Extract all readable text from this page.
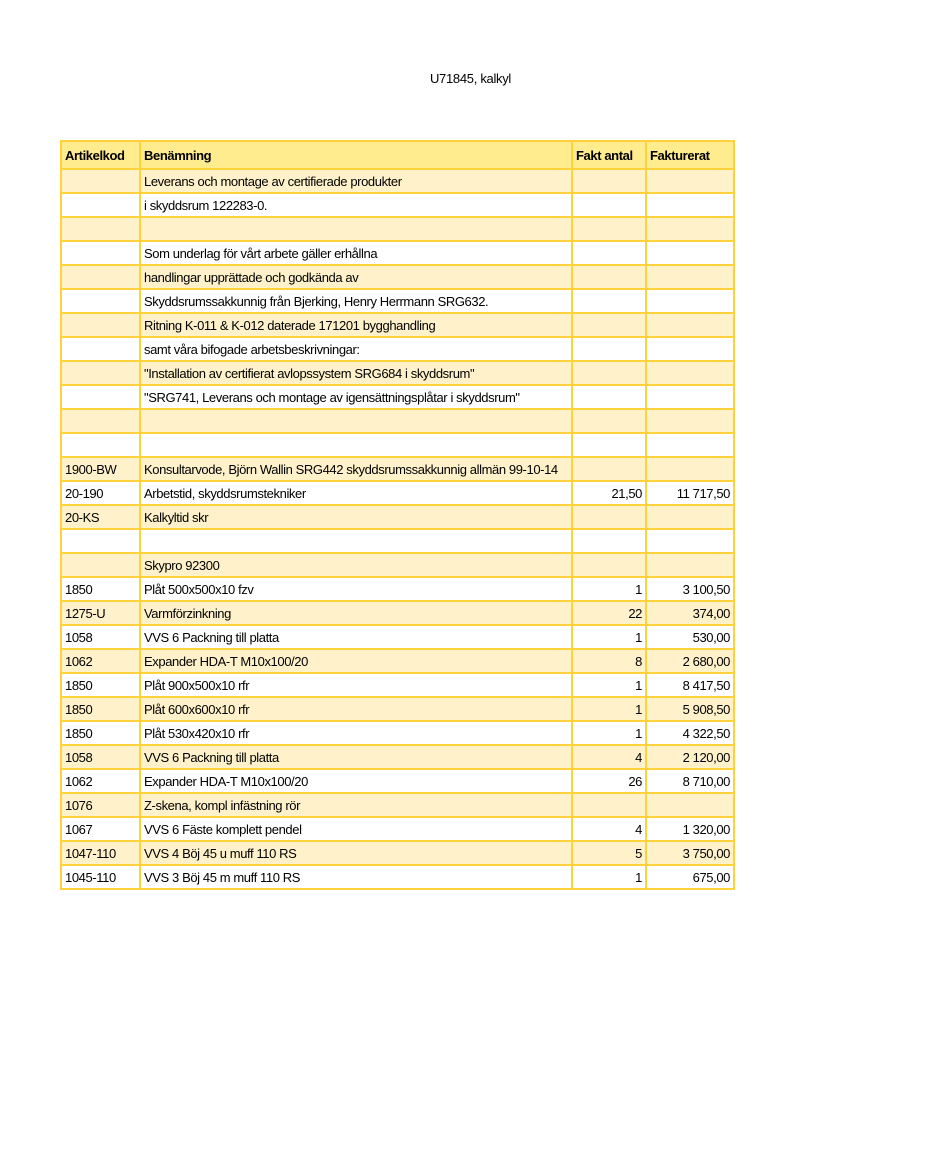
U71845, kalkyl
Artikelkod	Benämning	Fakt antal	Fakturerat
	Leverans och montage av certifierade produkter		
	i skyddsrum 122283-0.		

	Som underlag för vårt arbete gäller erhållna		
	handlingar upprättade och godkända av		
	Skyddsrumssakkunnig från Bjerking, Henry Herrmann SRG632.		
	Ritning K-011 & K-012 daterade 171201 bygghandling		
	samt våra bifogade arbetsbeskrivningar:		
	"Installation av certifierat avlopssystem SRG684 i skyddsrum"		
	"SRG741, Leverans och montage av igensättningsplåtar i skyddsrum"		

1900-BW	Konsultarvode, Björn Wallin SRG442 skyddsrumssakkunnig allmän 99-10-14		
20-190	Arbetstid, skyddsrumstekniker	21,50	11 717,50
20-KS	Kalkyltid skr		

	Skypro 92300		
1850	Plåt 500x500x10 fzv	1	3 100,50
1275-U	Varmförzinkning	22	374,00
1058	VVS 6 Packning till platta	1	530,00
1062	Expander HDA-T M10x100/20	8	2 680,00
1850	Plåt 900x500x10 rfr	1	8 417,50
1850	Plåt 600x600x10 rfr	1	5 908,50
1850	Plåt 530x420x10 rfr	1	4 322,50
1058	VVS 6 Packning till platta	4	2 120,00
1062	Expander HDA-T M10x100/20	26	8 710,00
1076	Z-skena, kompl infästning rör		
1067	VVS 6 Fäste komplett pendel	4	1 320,00
1047-110	VVS 4 Böj 45 u muff 110 RS	5	3 750,00
1045-110	VVS 3 Böj 45 m muff 110 RS	1	675,00
